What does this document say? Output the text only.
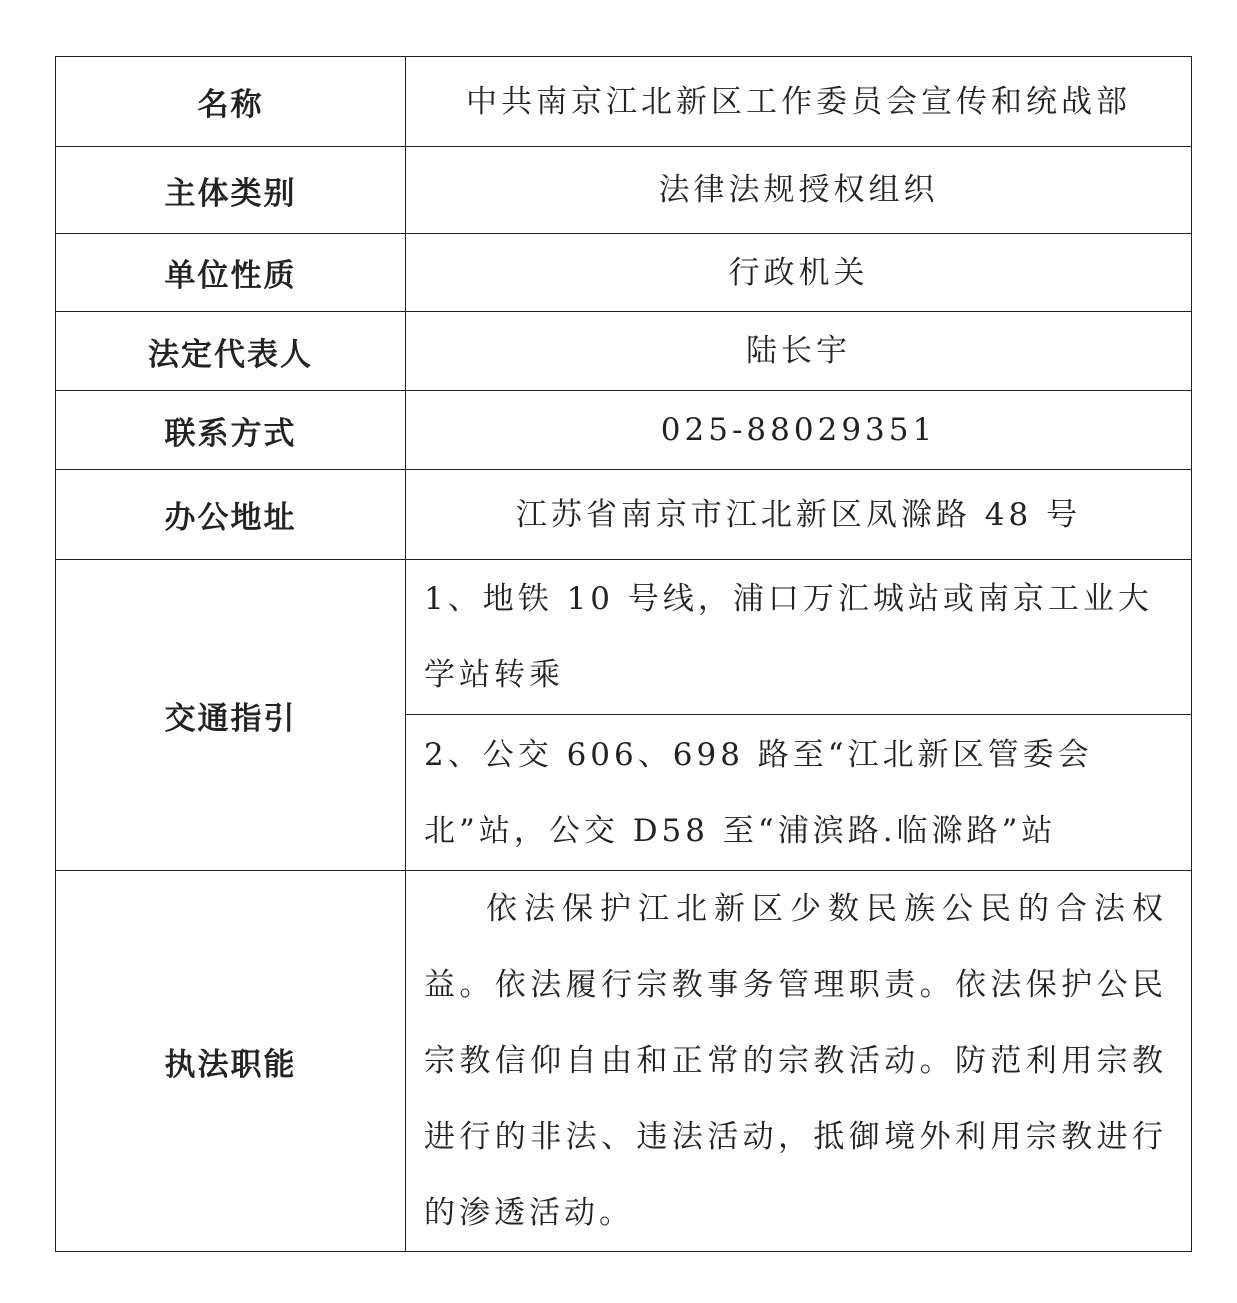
名称	中共南京江北新区工作委员会宣传和统战部
主体类别	法律法规授权组织
单位性质	行政机关
法定代表人	陆长宇
联系方式	025-88029351
办公地址	江苏省南京市江北新区凤滁路 48 号
交通指引	1、地铁 10 号线，浦口万汇城站或南京工业大学站转乘
	2、公交 606、698 路至“江北新区管委会北”站，公交 D58 至“浦滨路.临滁路”站
执法职能	依法保护江北新区少数民族公民的合法权益。依法履行宗教事务管理职责。依法保护公民宗教信仰自由和正常的宗教活动。防范利用宗教进行的非法、违法活动，抵御境外利用宗教进行的渗透活动。
